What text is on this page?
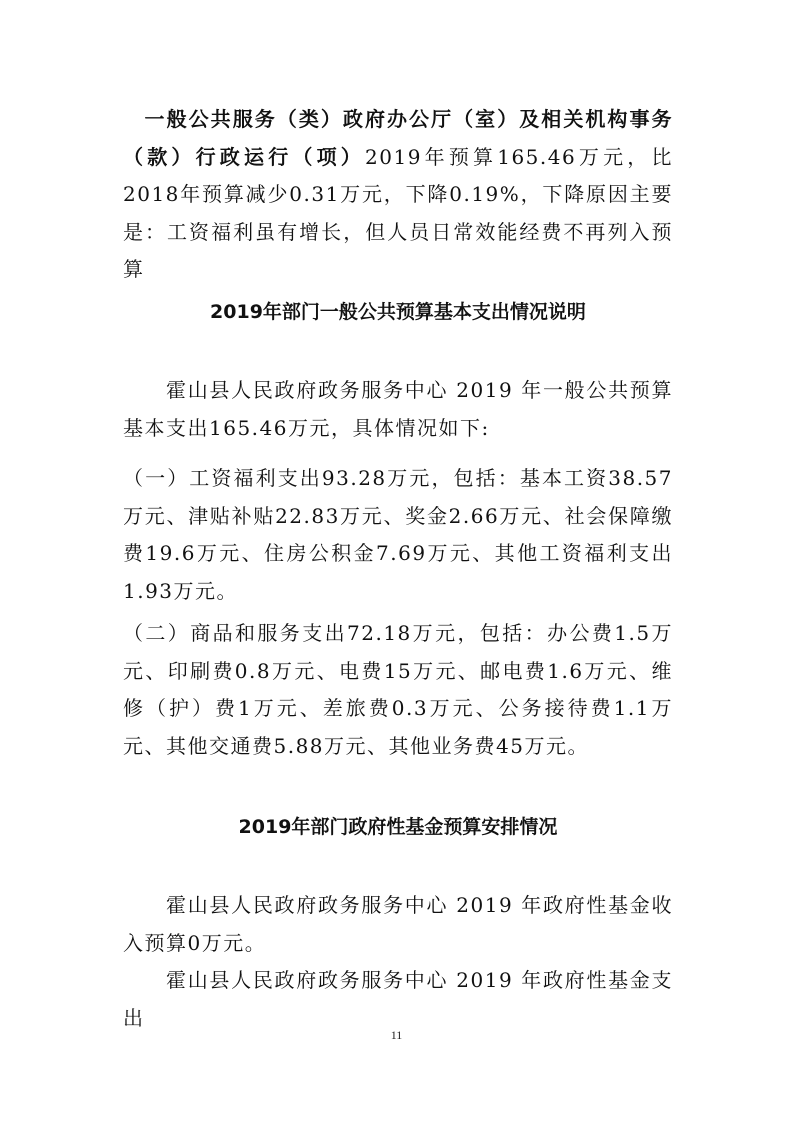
一般公共服务（类）政府办公厅（室）及相关机构事务（款）行政运行（项）2019年预算165.46万元，比2018年预算减少0.31万元，下降0.19%，下降原因主要是：工资福利虽有增长，但人员日常效能经费不再列入预算

2019年部门一般公共预算基本支出情况说明

霍山县人民政府政务服务中心 2019 年一般公共预算基本支出165.46万元，具体情况如下:

（一）工资福利支出93.28万元，包括：基本工资38.57万元、津贴补贴22.83万元、奖金2.66万元、社会保障缴费19.6万元、住房公积金7.69万元、其他工资福利支出1.93万元。

（二）商品和服务支出72.18万元，包括：办公费1.5万元、印刷费0.8万元、电费15万元、邮电费1.6万元、维修（护）费1万元、差旅费0.3万元、公务接待费1.1万元、其他交通费5.88万元、其他业务费45万元。

2019年部门政府性基金预算安排情况

霍山县人民政府政务服务中心 2019 年政府性基金收入预算0万元。

霍山县人民政府政务服务中心 2019 年政府性基金支出

11
